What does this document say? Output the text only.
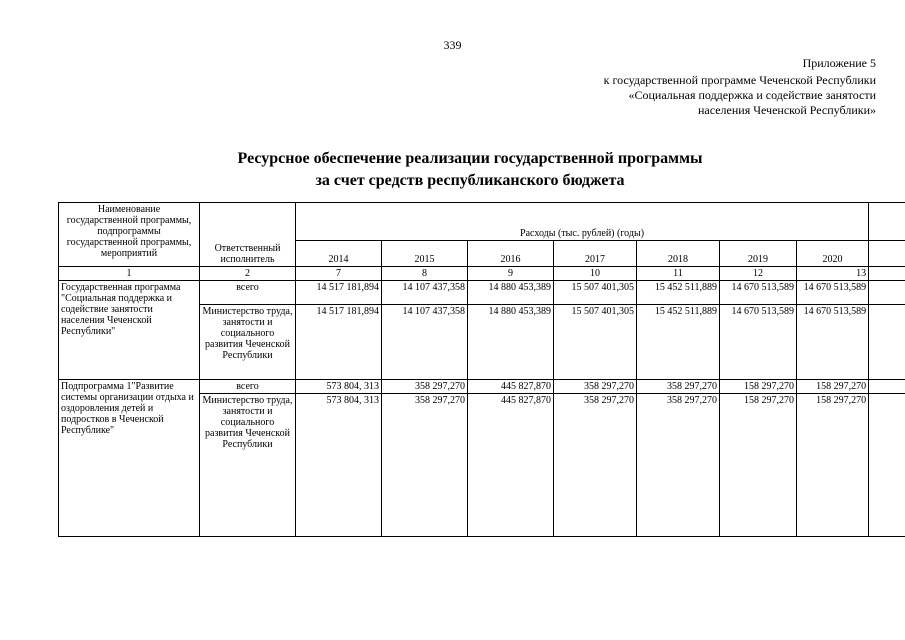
339
Приложение 5
к государственной программе Чеченской Республики
«Социальная поддержка и содействие занятости
населения Чеченской Республики»
Ресурсное обеспечение реализации государственной программы
за счет средств республиканского бюджета
Наименование государственной программы, подпрограммы государственной программы, мероприятий	Ответственный исполнитель	Расходы (тыс. рублей) (годы)							
		2014	2015	2016	2017	2018	2019	2020	
1	2	7	8	9	10	11	12	13	
Государственная программа "Социальная поддержка и содействие занятости населения Чеченской Республики"	всего	14 517 181,894	14 107 437,358	14 880 453,389	15 507 401,305	15 452 511,889	14 670 513,589	14 670 513,589	
	Министерство труда, занятости и социального развития Чеченской Республики	14 517 181,894	14 107 437,358	14 880 453,389	15 507 401,305	15 452 511,889	14 670 513,589	14 670 513,589	
Подпрограмма 1"Развитие системы организации отдыха и оздоровления детей и подростков в Чеченской Республике"	всего	573 804, 313	358 297,270	445 827,870	358 297,270	358 297,270	158 297,270	158 297,270	
	Министерство труда, занятости и социального развития Чеченской Республики	573 804, 313	358 297,270	445 827,870	358 297,270	358 297,270	158 297,270	158 297,270	
